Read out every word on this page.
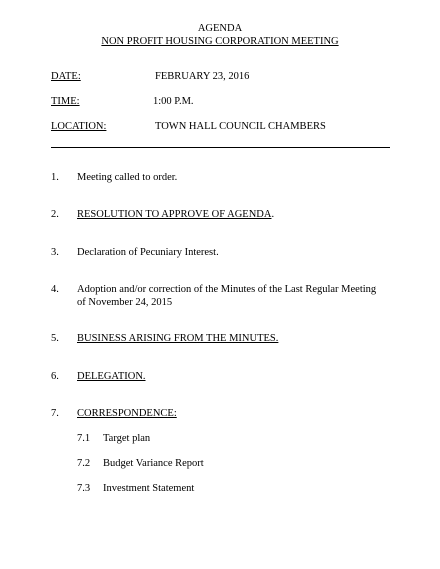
AGENDA
NON PROFIT HOUSING CORPORATION MEETING
DATE:	FEBRUARY 23, 2016
TIME:	1:00 P.M.
LOCATION:	TOWN HALL COUNCIL CHAMBERS
1. Meeting called to order.
2. RESOLUTION TO APPROVE OF AGENDA.
3. Declaration of Pecuniary Interest.
4. Adoption and/or correction of the Minutes of the Last Regular Meeting of November 24, 2015
5. BUSINESS ARISING FROM THE MINUTES.
6. DELEGATION.
7. CORRESPONDENCE:
7.1 Target plan
7.2 Budget Variance Report
7.3 Investment Statement
